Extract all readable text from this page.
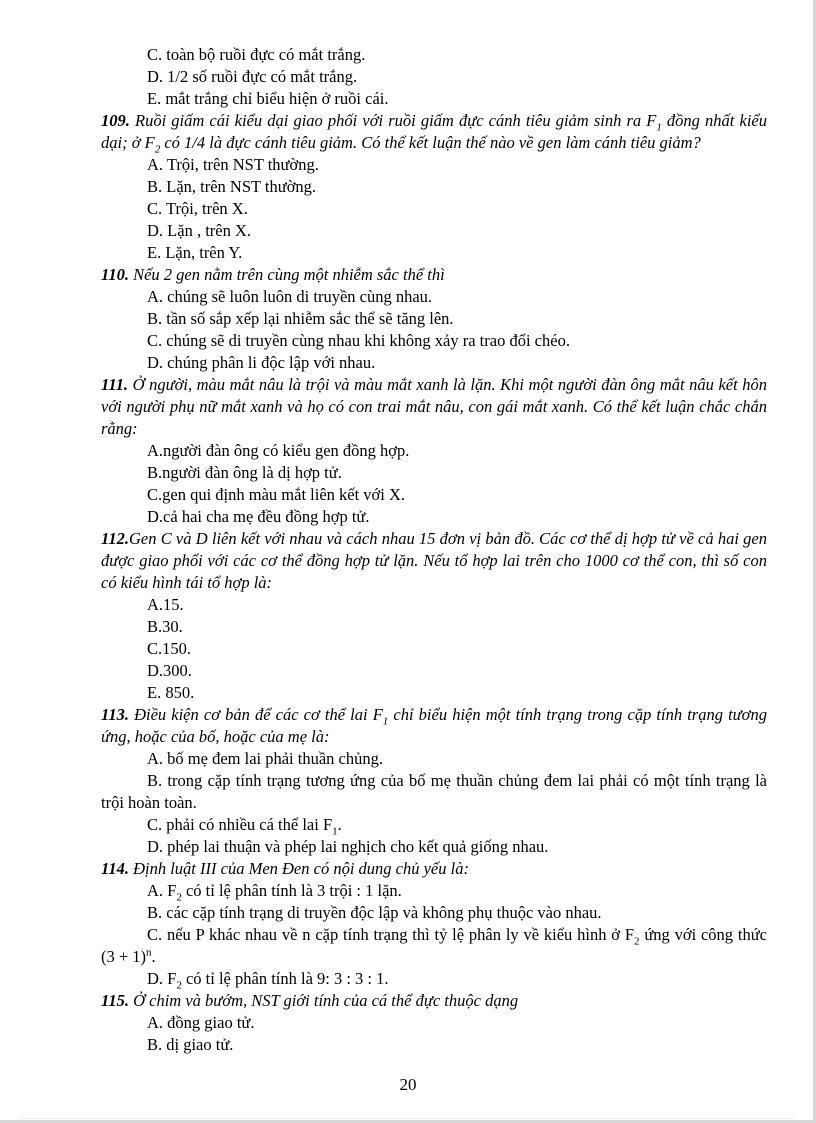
C. toàn bộ ruồi đực có mắt trắng.
D. 1/2 số ruồi đực có mắt trắng.
E. mắt trắng chỉ biểu hiện ở ruồi cái.
109. Ruồi giấm cái kiểu dại giao phối với ruồi giấm đực cánh tiêu giảm sinh ra $F_1$ đồng nhất kiểu dại; ở $F_2$ có 1/4 là đực cánh tiêu giảm. Có thể kết luận thế nào về gen làm cánh tiêu giảm?
A. Trội, trên NST thường.
B. Lặn, trên NST thường.
C. Trội, trên X.
D. Lặn , trên X.
E. Lặn, trên Y.
110. Nếu 2 gen nằm trên cùng một nhiễm sắc thể thì
A. chúng sẽ luôn luôn di truyền cùng nhau.
B. tần số sắp xếp lại nhiễm sắc thể sẽ tăng lên.
C. chúng sẽ di truyền cùng nhau khi không xảy ra trao đổi chéo.
D. chúng phân li độc lập với nhau.
111. Ở người, màu mắt nâu là trội và màu mắt xanh là lặn. Khi một người đàn ông mắt nâu kết hôn với người phụ nữ mắt xanh và họ có con trai mắt nâu, con gái mắt xanh. Có thể kết luận chắc chắn rằng:
A.người đàn ông có kiểu gen đồng hợp.
B.người đàn ông là dị hợp tử.
C.gen qui định màu mắt liên kết với X.
D.cả hai cha mẹ đều đồng hợp tử.
112.Gen C và D liên kết với nhau và cách nhau 15 đơn vị bản đồ. Các cơ thể dị hợp tử về cả hai gen được giao phối với các cơ thể đồng hợp tử lặn. Nếu tổ hợp lai trên cho 1000 cơ thể con, thì số con có kiểu hình tái tổ hợp là:
A.15.
B.30.
C.150.
D.300.
E. 850.
113. Điều kiện cơ bản để các cơ thể lai $F_1$ chỉ biểu hiện một tính trạng trong cặp tính trạng tương ứng, hoặc của bố, hoặc của mẹ là:
A. bố mẹ đem lai phải thuần chủng.
B. trong cặp tính trạng tương ứng của bố mẹ thuần chủng đem lai phải có một tính trạng là trội hoàn toàn.
C. phải có nhiều cá thể lai $F_1$.
D. phép lai thuận và phép lai nghịch cho kết quả giống nhau.
114. Định luật III của Men Đen có nội dung chủ yếu là:
A. $F_2$ có tỉ lệ phân tính là 3 trội : 1 lặn.
B. các cặp tính trạng di truyền độc lập và không phụ thuộc vào nhau.
C. nếu P khác nhau về n cặp tính trạng thì tỷ lệ phân ly về kiểu hình ở $F_2$ ứng với công thức $(3 + 1)^n$.
D. $F_2$ có tỉ lệ phân tính là 9: 3 : 3 : 1.
115. Ở chim và bướm, NST giới tính của cá thể đực thuộc dạng
A. đồng giao tử.
B. dị giao tử.
20
